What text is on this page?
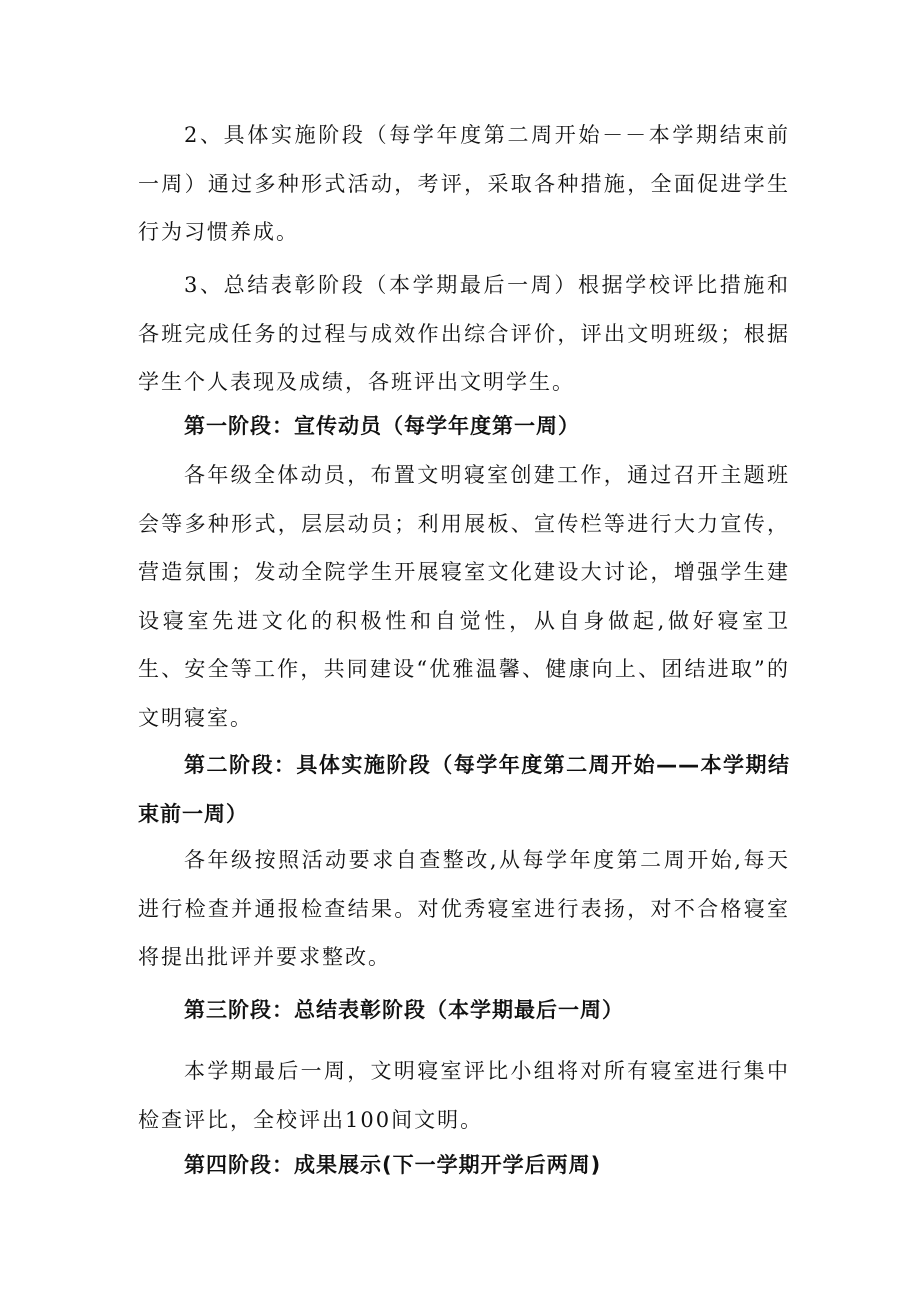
2、具体实施阶段（每学年度第二周开始－－本学期结束前一周）通过多种形式活动，考评，采取各种措施，全面促进学生行为习惯养成。

3、总结表彰阶段（本学期最后一周）根据学校评比措施和各班完成任务的过程与成效作出综合评价，评出文明班级；根据学生个人表现及成绩，各班评出文明学生。

第一阶段：宣传动员（每学年度第一周）

各年级全体动员，布置文明寝室创建工作，通过召开主题班会等多种形式，层层动员；利用展板、宣传栏等进行大力宣传，营造氛围；发动全院学生开展寝室文化建设大讨论，增强学生建设寝室先进文化的积极性和自觉性，从自身做起,做好寝室卫生、安全等工作，共同建设“优雅温馨、健康向上、团结进取”的文明寝室。

第二阶段：具体实施阶段（每学年度第二周开始——本学期结束前一周）

各年级按照活动要求自查整改,从每学年度第二周开始,每天进行检查并通报检查结果。对优秀寝室进行表扬，对不合格寝室将提出批评并要求整改。

第三阶段：总结表彰阶段（本学期最后一周）

本学期最后一周，文明寝室评比小组将对所有寝室进行集中检查评比，全校评出100间文明。

第四阶段：成果展示(下一学期开学后两周)
